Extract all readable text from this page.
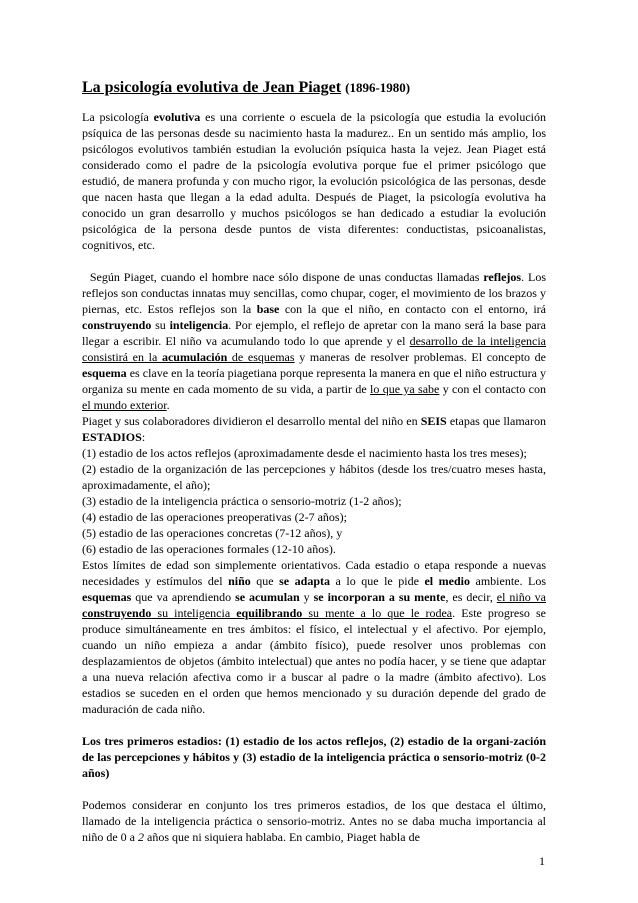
La psicología evolutiva de Jean Piaget (1896-1980)

La psicología evolutiva es una corriente o escuela de la psicología que estudia la evolución psíquica de las personas desde su nacimiento hasta la madurez.. En un sentido más amplio, los psicólogos evolutivos también estudian la evolución psíquica hasta la vejez. Jean Piaget está considerado como el padre de la psicología evolutiva porque fue el primer psicólogo que estudió, de manera profunda y con mucho rigor, la evolución psicológica de las personas, desde que nacen hasta que llegan a la edad adulta. Después de Piaget, la psicología evolutiva ha conocido un gran desarrollo y muchos psicólogos se han dedicado a estudiar la evolución psicológica de la persona desde puntos de vista diferentes: conductistas, psicoanalistas, cognitivos, etc.

Según Piaget, cuando el hombre nace sólo dispone de unas conductas llamadas reflejos. Los reflejos son conductas innatas muy sencillas, como chupar, coger, el movimiento de los brazos y piernas, etc. Estos reflejos son la base con la que el niño, en contacto con el entorno, irá construyendo su inteligencia. Por ejemplo, el reflejo de apretar con la mano será la base para llegar a escribir. El niño va acumulando todo lo que aprende y el desarrollo de la inteligencia consistirá en la acumulación de esquemas y maneras de resolver problemas. El concepto de esquema es clave en la teoría piagetiana porque representa la manera en que el niño estructura y organiza su mente en cada momento de su vida, a partir de lo que ya sabe y con el contacto con el mundo exterior.

Piaget y sus colaboradores dividieron el desarrollo mental del niño en SEIS etapas que llamaron ESTADIOS:

(1) estadio de los actos reflejos (aproximadamente desde el nacimiento hasta los tres meses);

(2) estadio de la organización de las percepciones y hábitos (desde los tres/cuatro meses hasta, aproximadamente, el año);

(3) estadio de la inteligencia práctica o sensorio-motriz (1-2 años);

(4) estadio de las operaciones preoperativas (2-7 años);

(5) estadio de las operaciones concretas (7-12 años), y

(6) estadio de las operaciones formales (12-10 años).

Estos límites de edad son simplemente orientativos. Cada estadio o etapa responde a nuevas necesidades y estímulos del niño que se adapta a lo que le pide el medio ambiente. Los esquemas que va aprendiendo se acumulan y se incorporan a su mente, es decir, el niño va construyendo su inteligencia equilibrando su mente a lo que le rodea. Este progreso se produce simultáneamente en tres ámbitos: el físico, el intelectual y el afectivo. Por ejemplo, cuando un niño empieza a andar (ámbito físico), puede resolver unos problemas con desplazamientos de objetos (ámbito intelectual) que antes no podía hacer, y se tiene que adaptar a una nueva relación afectiva como ir a buscar al padre o la madre (ámbito afectivo). Los estadios se suceden en el orden que hemos mencionado y su duración depende del grado de maduración de cada niño.

Los tres primeros estadios: (1) estadio de los actos reflejos, (2) estadio de la organi-zación de las percepciones y hábitos y (3) estadio de la inteligencia práctica o sensorio-motriz (0-2 años)

Podemos considerar en conjunto los tres primeros estadios, de los que destaca el último, llamado de la inteligencia práctica o sensorio-motriz. Antes no se daba mucha importancia al niño de 0 a 2 años que ni siquiera hablaba. En cambio, Piaget habla de

1
